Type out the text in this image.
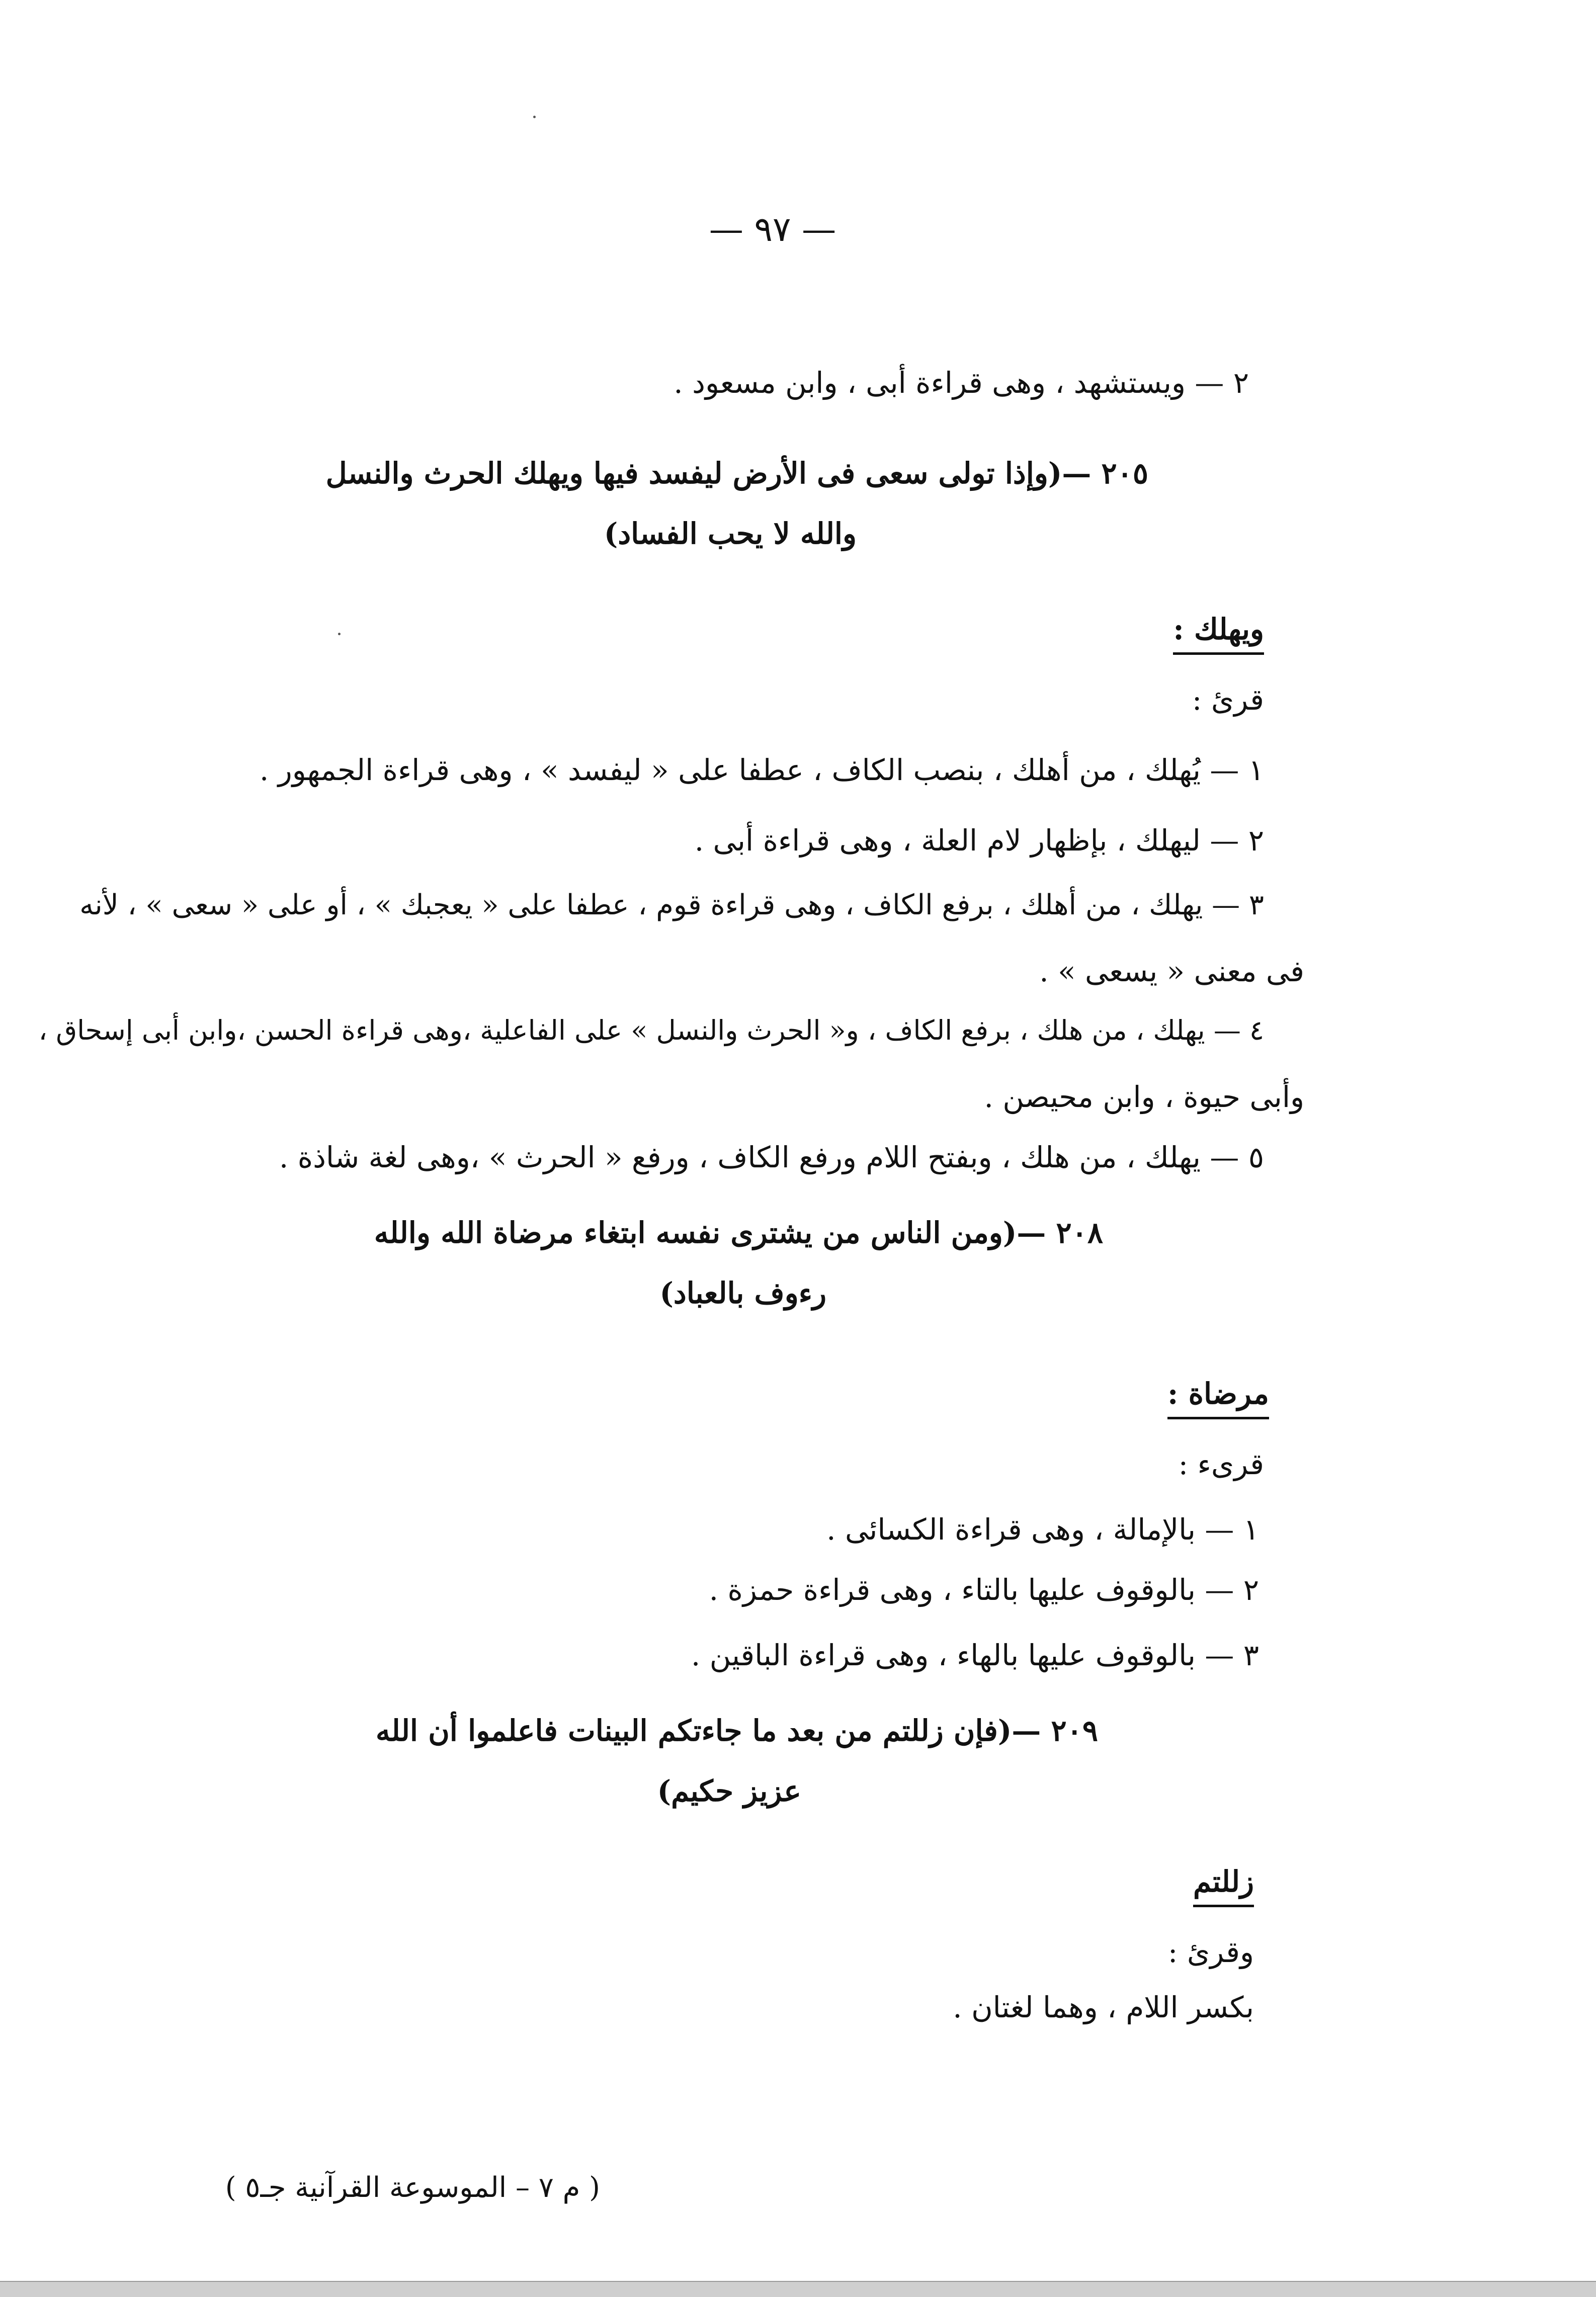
— ٩٧ —
٢ — ويستشهد ، وهى قراءة أبى ، وابن مسعود .
٢٠٥ —(وإذا تولى سعى فى الأرض ليفسد فيها ويهلك الحرث والنسل
والله لا يحب الفساد)
ويهلك :
قرئ :
١ — يُهلك ، من أهلك ، بنصب الكاف ، عطفا على « ليفسد » ، وهى قراءة الجمهور .
٢ — ليهلك ، بإظهار لام العلة ، وهى قراءة أبى .
٣ — يهلك ، من أهلك ، برفع الكاف ، وهى قراءة قوم ، عطفا على « يعجبك » ، أو على « سعى » ، لأنه
فى معنى « يسعى » .
٤ — يهلك ، من هلك ، برفع الكاف ، و« الحرث والنسل » على الفاعلية ،وهى قراءة الحسن ،وابن أبى إسحاق ،
وأبى حيوة ، وابن محيصن .
٥ — يهلك ، من هلك ، وبفتح اللام ورفع الكاف ، ورفع « الحرث » ،وهى لغة شاذة .
٢٠٨ —(ومن الناس من يشترى نفسه ابتغاء مرضاة الله والله
رءوف بالعباد)
مرضاة :
قرىء :
١ — بالإمالة ، وهى قراءة الكسائى .
٢ — بالوقوف عليها بالتاء ، وهى قراءة حمزة .
٣ — بالوقوف عليها بالهاء ، وهى قراءة الباقين .
٢٠٩ —(فإن زللتم من بعد ما جاءتكم البينات فاعلموا أن الله
عزيز حكيم)
زللتم
وقرئ :
بكسر اللام ، وهما لغتان .
( م ٧ – الموسوعة القرآنية جـ٥ )
